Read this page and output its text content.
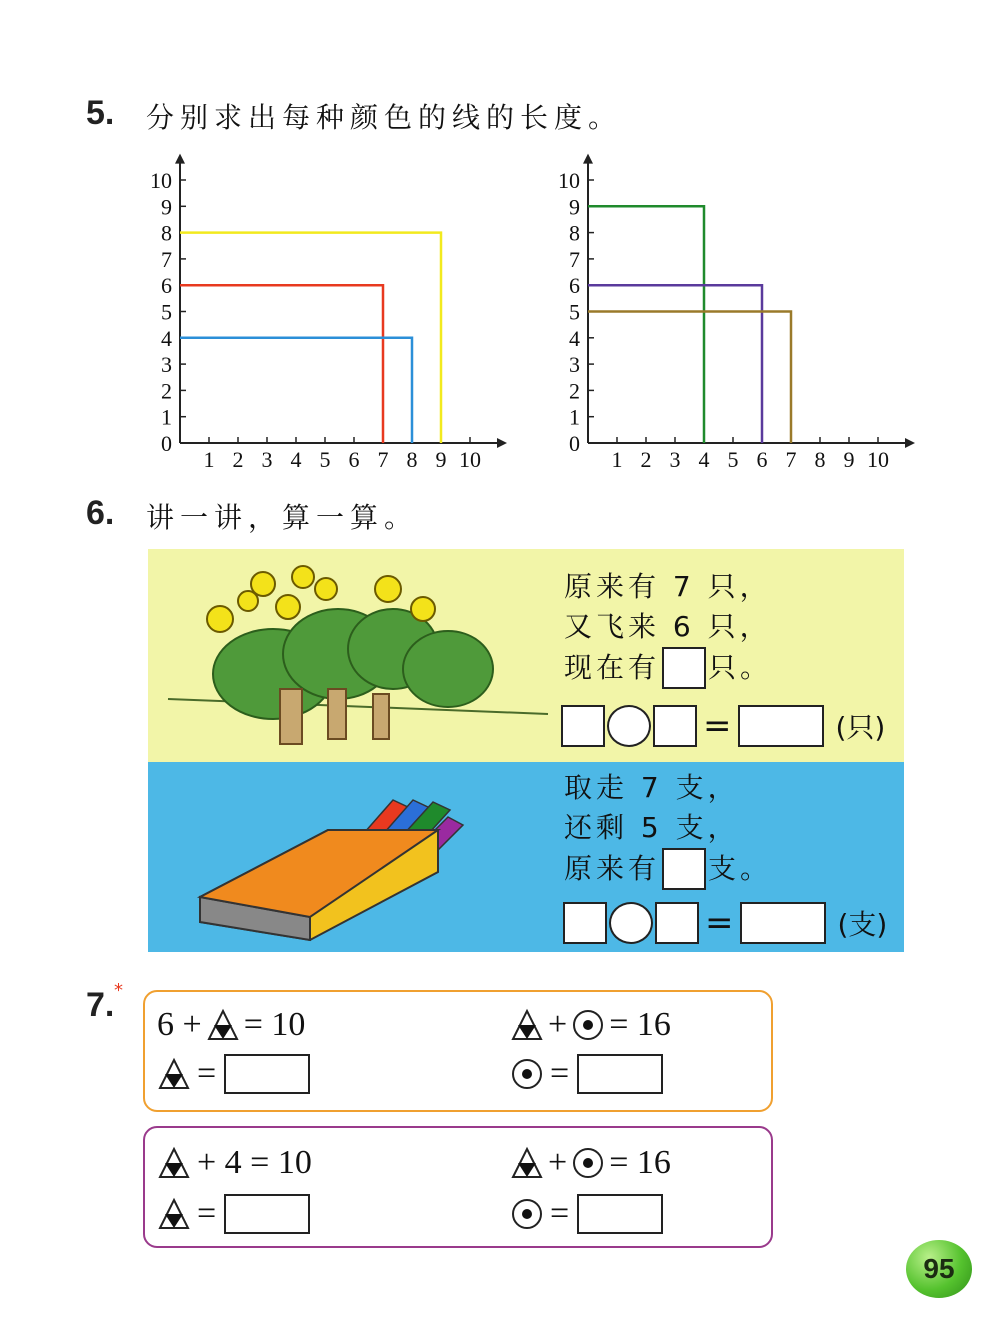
5. 分别求出每种颜色的线的长度。
1 2 3 4 5 6 7 8 9 10
0
1
2
3
4
5
6
7
8
9
10
1 2 3 4 5 6 7 8 9 10
0
1
2
3
4
5
6
7
8
9
10
6. 讲一讲，算一算。
原来有 7 只，
又飞来 6 只，
现在有 只。
=	(只)
取走 7 支，
还剩 5 支，
原来有 支。
=	(支)
7. *
6 + = 10
=
+ = 16
=
+ 4 = 10
=
+ = 16
=
95
